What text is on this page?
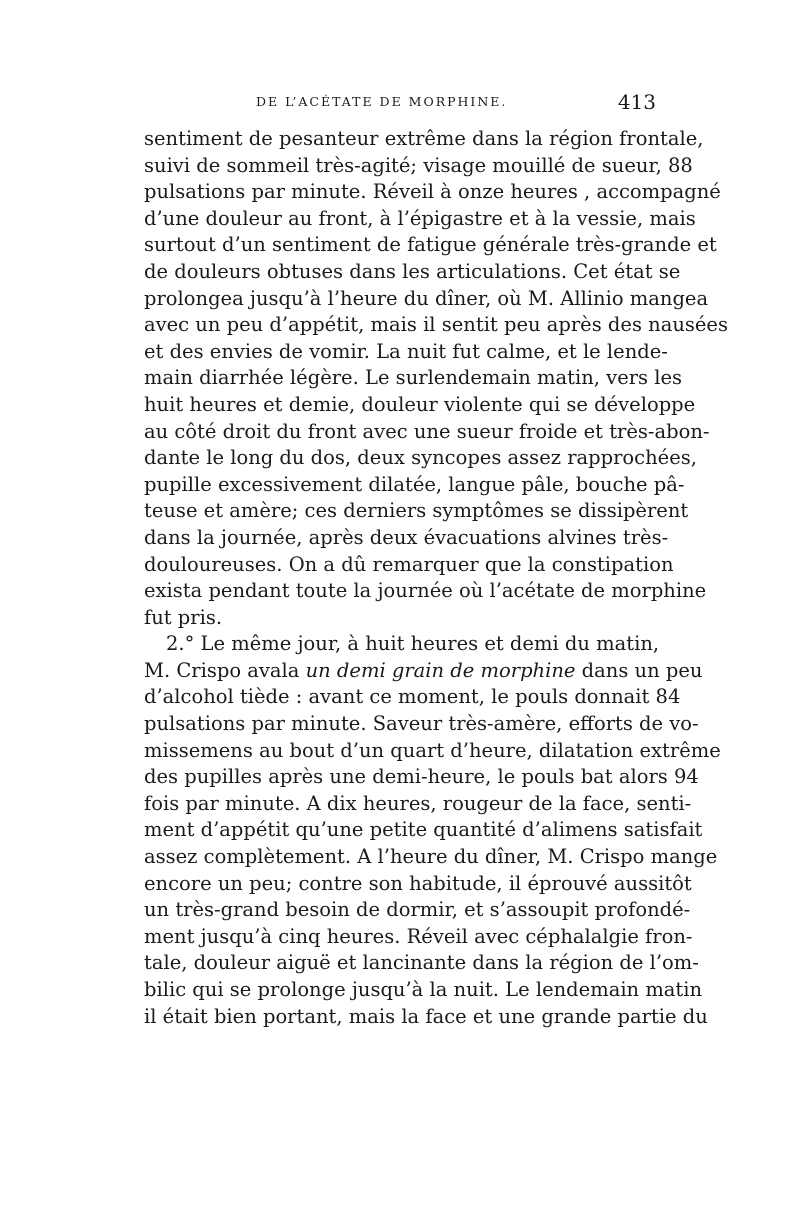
DE L’ACÉTATE DE MORPHINE.	413
sentiment de pesanteur extrême dans la région frontale,
suivi de sommeil très-agité; visage mouillé de sueur, 88
pulsations par minute. Réveil à onze heures , accompagné
d’une douleur au front, à l’épigastre et à la vessie, mais
surtout d’un sentiment de fatigue générale très-grande et
de douleurs obtuses dans les articulations. Cet état se
prolongea jusqu’à l’heure du dîner, où M. Allinio mangea
avec un peu d’appétit, mais il sentit peu après des nausées
et des envies de vomir. La nuit fut calme, et le lende-
main diarrhée légère. Le surlendemain matin, vers les
huit heures et demie, douleur violente qui se développe
au côté droit du front avec une sueur froide et très-abon-
dante le long du dos, deux syncopes assez rapprochées,
pupille excessivement dilatée, langue pâle, bouche pâ-
teuse et amère; ces derniers symptômes se dissipèrent
dans la journée, après deux évacuations alvines très-
douloureuses. On a dû remarquer que la constipation
exista pendant toute la journée où l’acétate de morphine
fut pris.
2.° Le même jour, à huit heures et demi du matin,
M. Crispo avala un demi grain de morphine dans un peu
d’alcohol tiède : avant ce moment, le pouls donnait 84
pulsations par minute. Saveur très-amère, efforts de vo-
missemens au bout d’un quart d’heure, dilatation extrême
des pupilles après une demi-heure, le pouls bat alors 94
fois par minute. A dix heures, rougeur de la face, senti-
ment d’appétit qu’une petite quantité d’alimens satisfait
assez complètement. A l’heure du dîner, M. Crispo mange
encore un peu; contre son habitude, il éprouvé aussitôt
un très-grand besoin de dormir, et s’assoupit profondé-
ment jusqu’à cinq heures. Réveil avec céphalalgie fron-
tale, douleur aiguë et lancinante dans la région de l’om-
bilic qui se prolonge jusqu’à la nuit. Le lendemain matin
il était bien portant, mais la face et une grande partie du
